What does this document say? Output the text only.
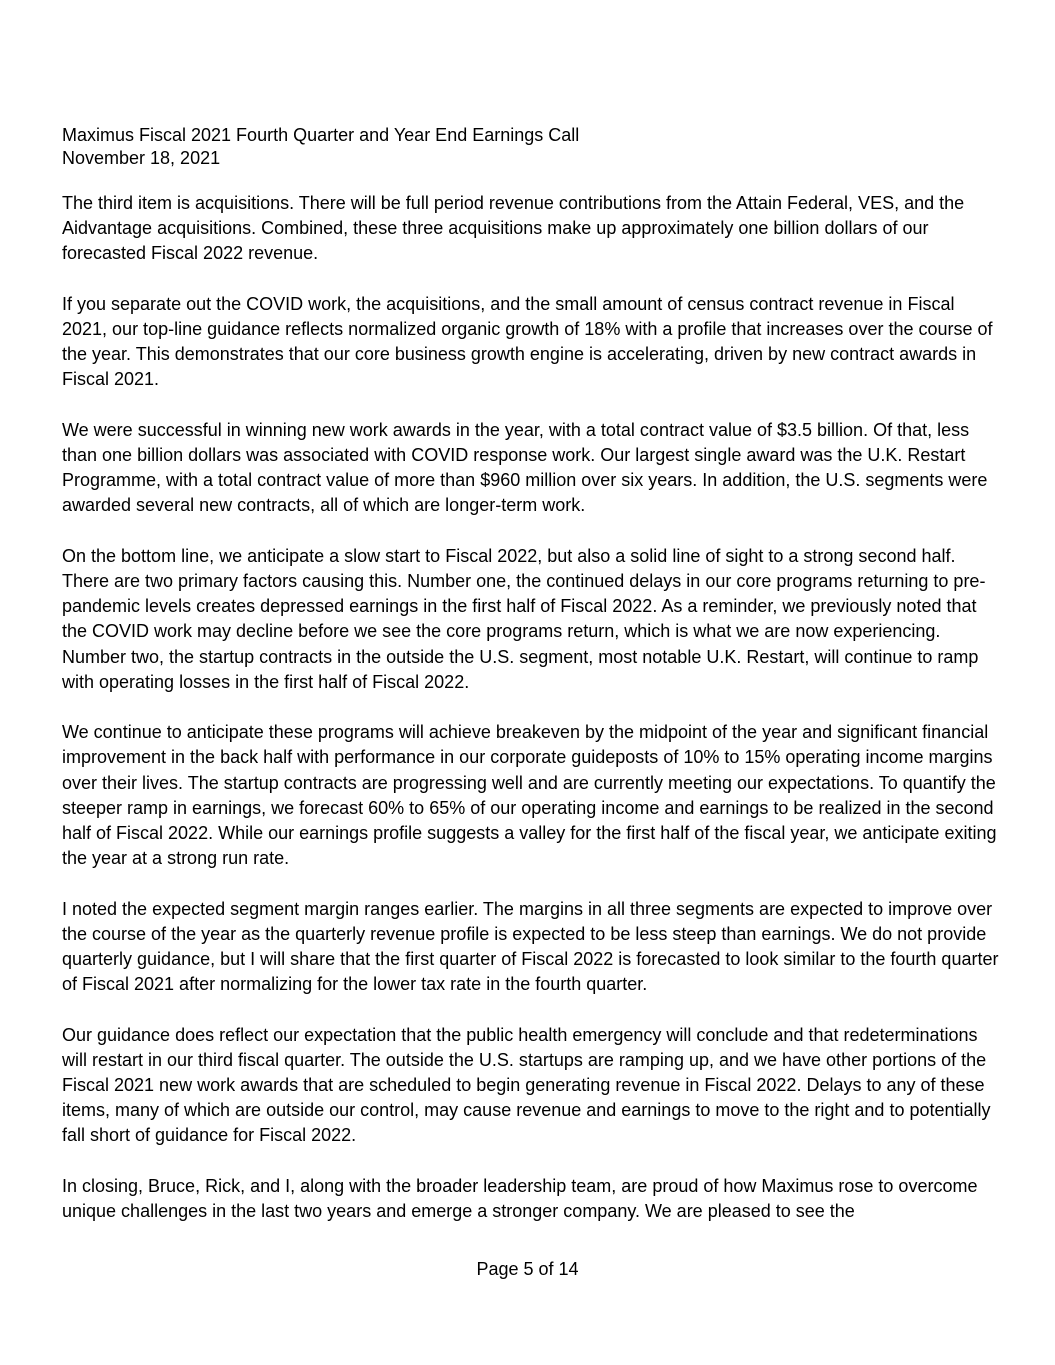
Maximus Fiscal 2021 Fourth Quarter and Year End Earnings Call
November 18, 2021

The third item is acquisitions. There will be full period revenue contributions from the Attain Federal, VES, and the Aidvantage acquisitions. Combined, these three acquisitions make up approximately one billion dollars of our forecasted Fiscal 2022 revenue.

If you separate out the COVID work, the acquisitions, and the small amount of census contract revenue in Fiscal 2021, our top-line guidance reflects normalized organic growth of 18% with a profile that increases over the course of the year. This demonstrates that our core business growth engine is accelerating, driven by new contract awards in Fiscal 2021.

We were successful in winning new work awards in the year, with a total contract value of $3.5 billion. Of that, less than one billion dollars was associated with COVID response work. Our largest single award was the U.K. Restart Programme, with a total contract value of more than $960 million over six years. In addition, the U.S. segments were awarded several new contracts, all of which are longer-term work.

On the bottom line, we anticipate a slow start to Fiscal 2022, but also a solid line of sight to a strong second half. There are two primary factors causing this. Number one, the continued delays in our core programs returning to pre-pandemic levels creates depressed earnings in the first half of Fiscal 2022. As a reminder, we previously noted that the COVID work may decline before we see the core programs return, which is what we are now experiencing. Number two, the startup contracts in the outside the U.S. segment, most notable U.K. Restart, will continue to ramp with operating losses in the first half of Fiscal 2022.

We continue to anticipate these programs will achieve breakeven by the midpoint of the year and significant financial improvement in the back half with performance in our corporate guideposts of 10% to 15% operating income margins over their lives. The startup contracts are progressing well and are currently meeting our expectations. To quantify the steeper ramp in earnings, we forecast 60% to 65% of our operating income and earnings to be realized in the second half of Fiscal 2022. While our earnings profile suggests a valley for the first half of the fiscal year, we anticipate exiting the year at a strong run rate.

I noted the expected segment margin ranges earlier. The margins in all three segments are expected to improve over the course of the year as the quarterly revenue profile is expected to be less steep than earnings. We do not provide quarterly guidance, but I will share that the first quarter of Fiscal 2022 is forecasted to look similar to the fourth quarter of Fiscal 2021 after normalizing for the lower tax rate in the fourth quarter.

Our guidance does reflect our expectation that the public health emergency will conclude and that redeterminations will restart in our third fiscal quarter. The outside the U.S. startups are ramping up, and we have other portions of the Fiscal 2021 new work awards that are scheduled to begin generating revenue in Fiscal 2022. Delays to any of these items, many of which are outside our control, may cause revenue and earnings to move to the right and to potentially fall short of guidance for Fiscal 2022.

In closing, Bruce, Rick, and I, along with the broader leadership team, are proud of how Maximus rose to overcome unique challenges in the last two years and emerge a stronger company. We are pleased to see the

Page 5 of 14
